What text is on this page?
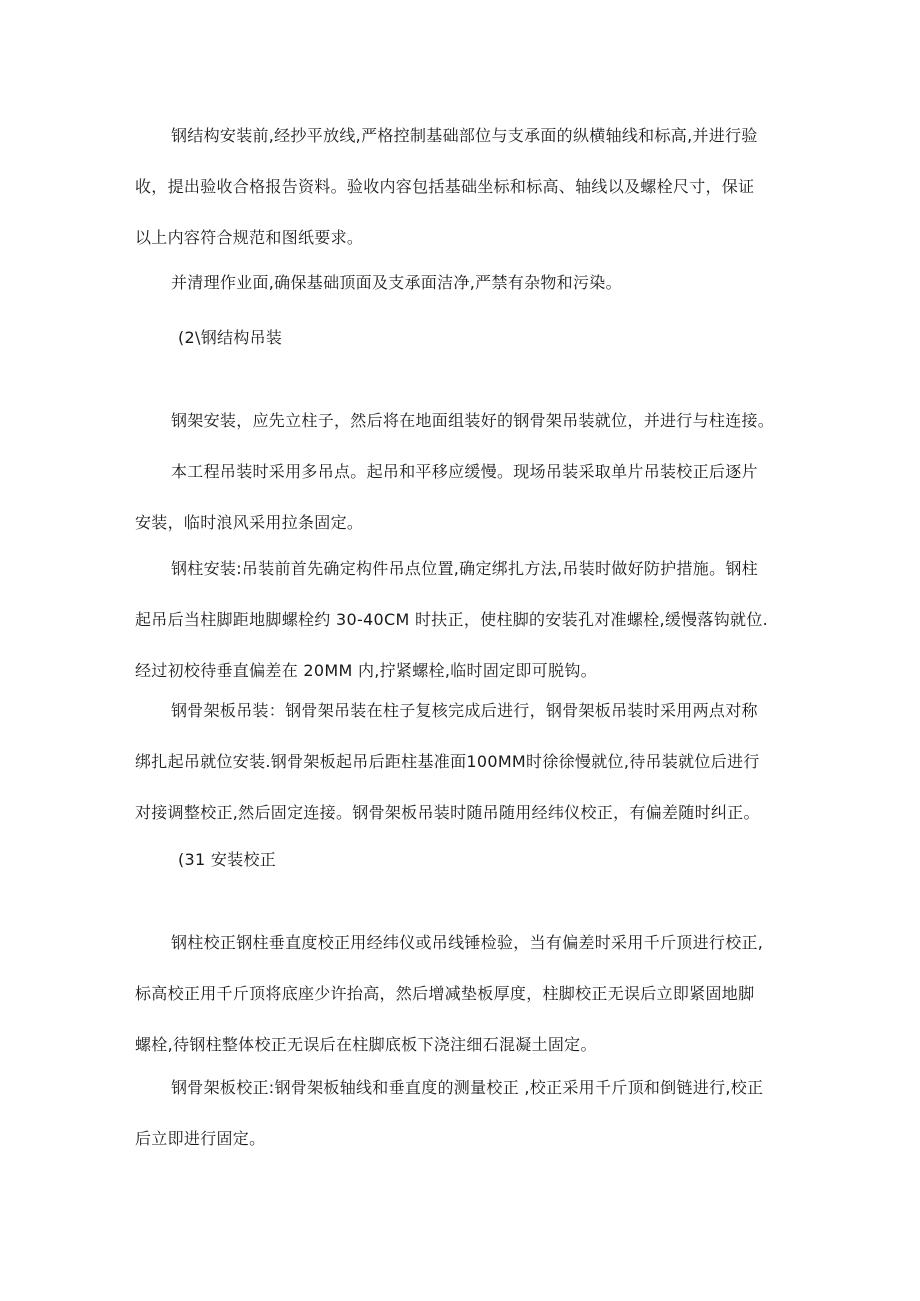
钢结构安装前,经抄平放线,严格控制基础部位与支承面的纵横轴线和标高,并进行验
收，提出验收合格报告资料。验收内容包括基础坐标和标高、轴线以及螺栓尺寸，保证
以上内容符合规范和图纸要求。
并清理作业面,确保基础顶面及支承面洁净,严禁有杂物和污染。
(2\钢结构吊装
钢架安装，应先立柱子，然后将在地面组装好的钢骨架吊装就位，并进行与柱连接。
本工程吊装时采用多吊点。起吊和平移应缓慢。现场吊装采取单片吊装校正后逐片
安装，临时浪风采用拉条固定。
钢柱安装:吊装前首先确定构件吊点位置,确定绑扎方法,吊装时做好防护措施。钢柱
起吊后当柱脚距地脚螺栓约 30-40CM 时扶正，使柱脚的安装孔对准螺栓,缓慢落钩就位.
经过初校待垂直偏差在 20MM 内,拧紧螺栓,临时固定即可脱钩。
钢骨架板吊装：钢骨架吊装在柱子复核完成后进行，钢骨架板吊装时采用两点对称
绑扎起吊就位安装.钢骨架板起吊后距柱基准面100MM时徐徐慢就位,待吊装就位后进行
对接调整校正,然后固定连接。钢骨架板吊装时随吊随用经纬仪校正，有偏差随时纠正。
(31 安装校正
钢柱校正钢柱垂直度校正用经纬仪或吊线锤检验，当有偏差时采用千斤顶进行校正,
标高校正用千斤顶将底座少许抬高，然后增减垫板厚度，柱脚校正无误后立即紧固地脚
螺栓,待钢柱整体校正无误后在柱脚底板下浇注细石混凝土固定。
钢骨架板校正:钢骨架板轴线和垂直度的测量校正 ,校正采用千斤顶和倒链进行,校正
后立即进行固定。
